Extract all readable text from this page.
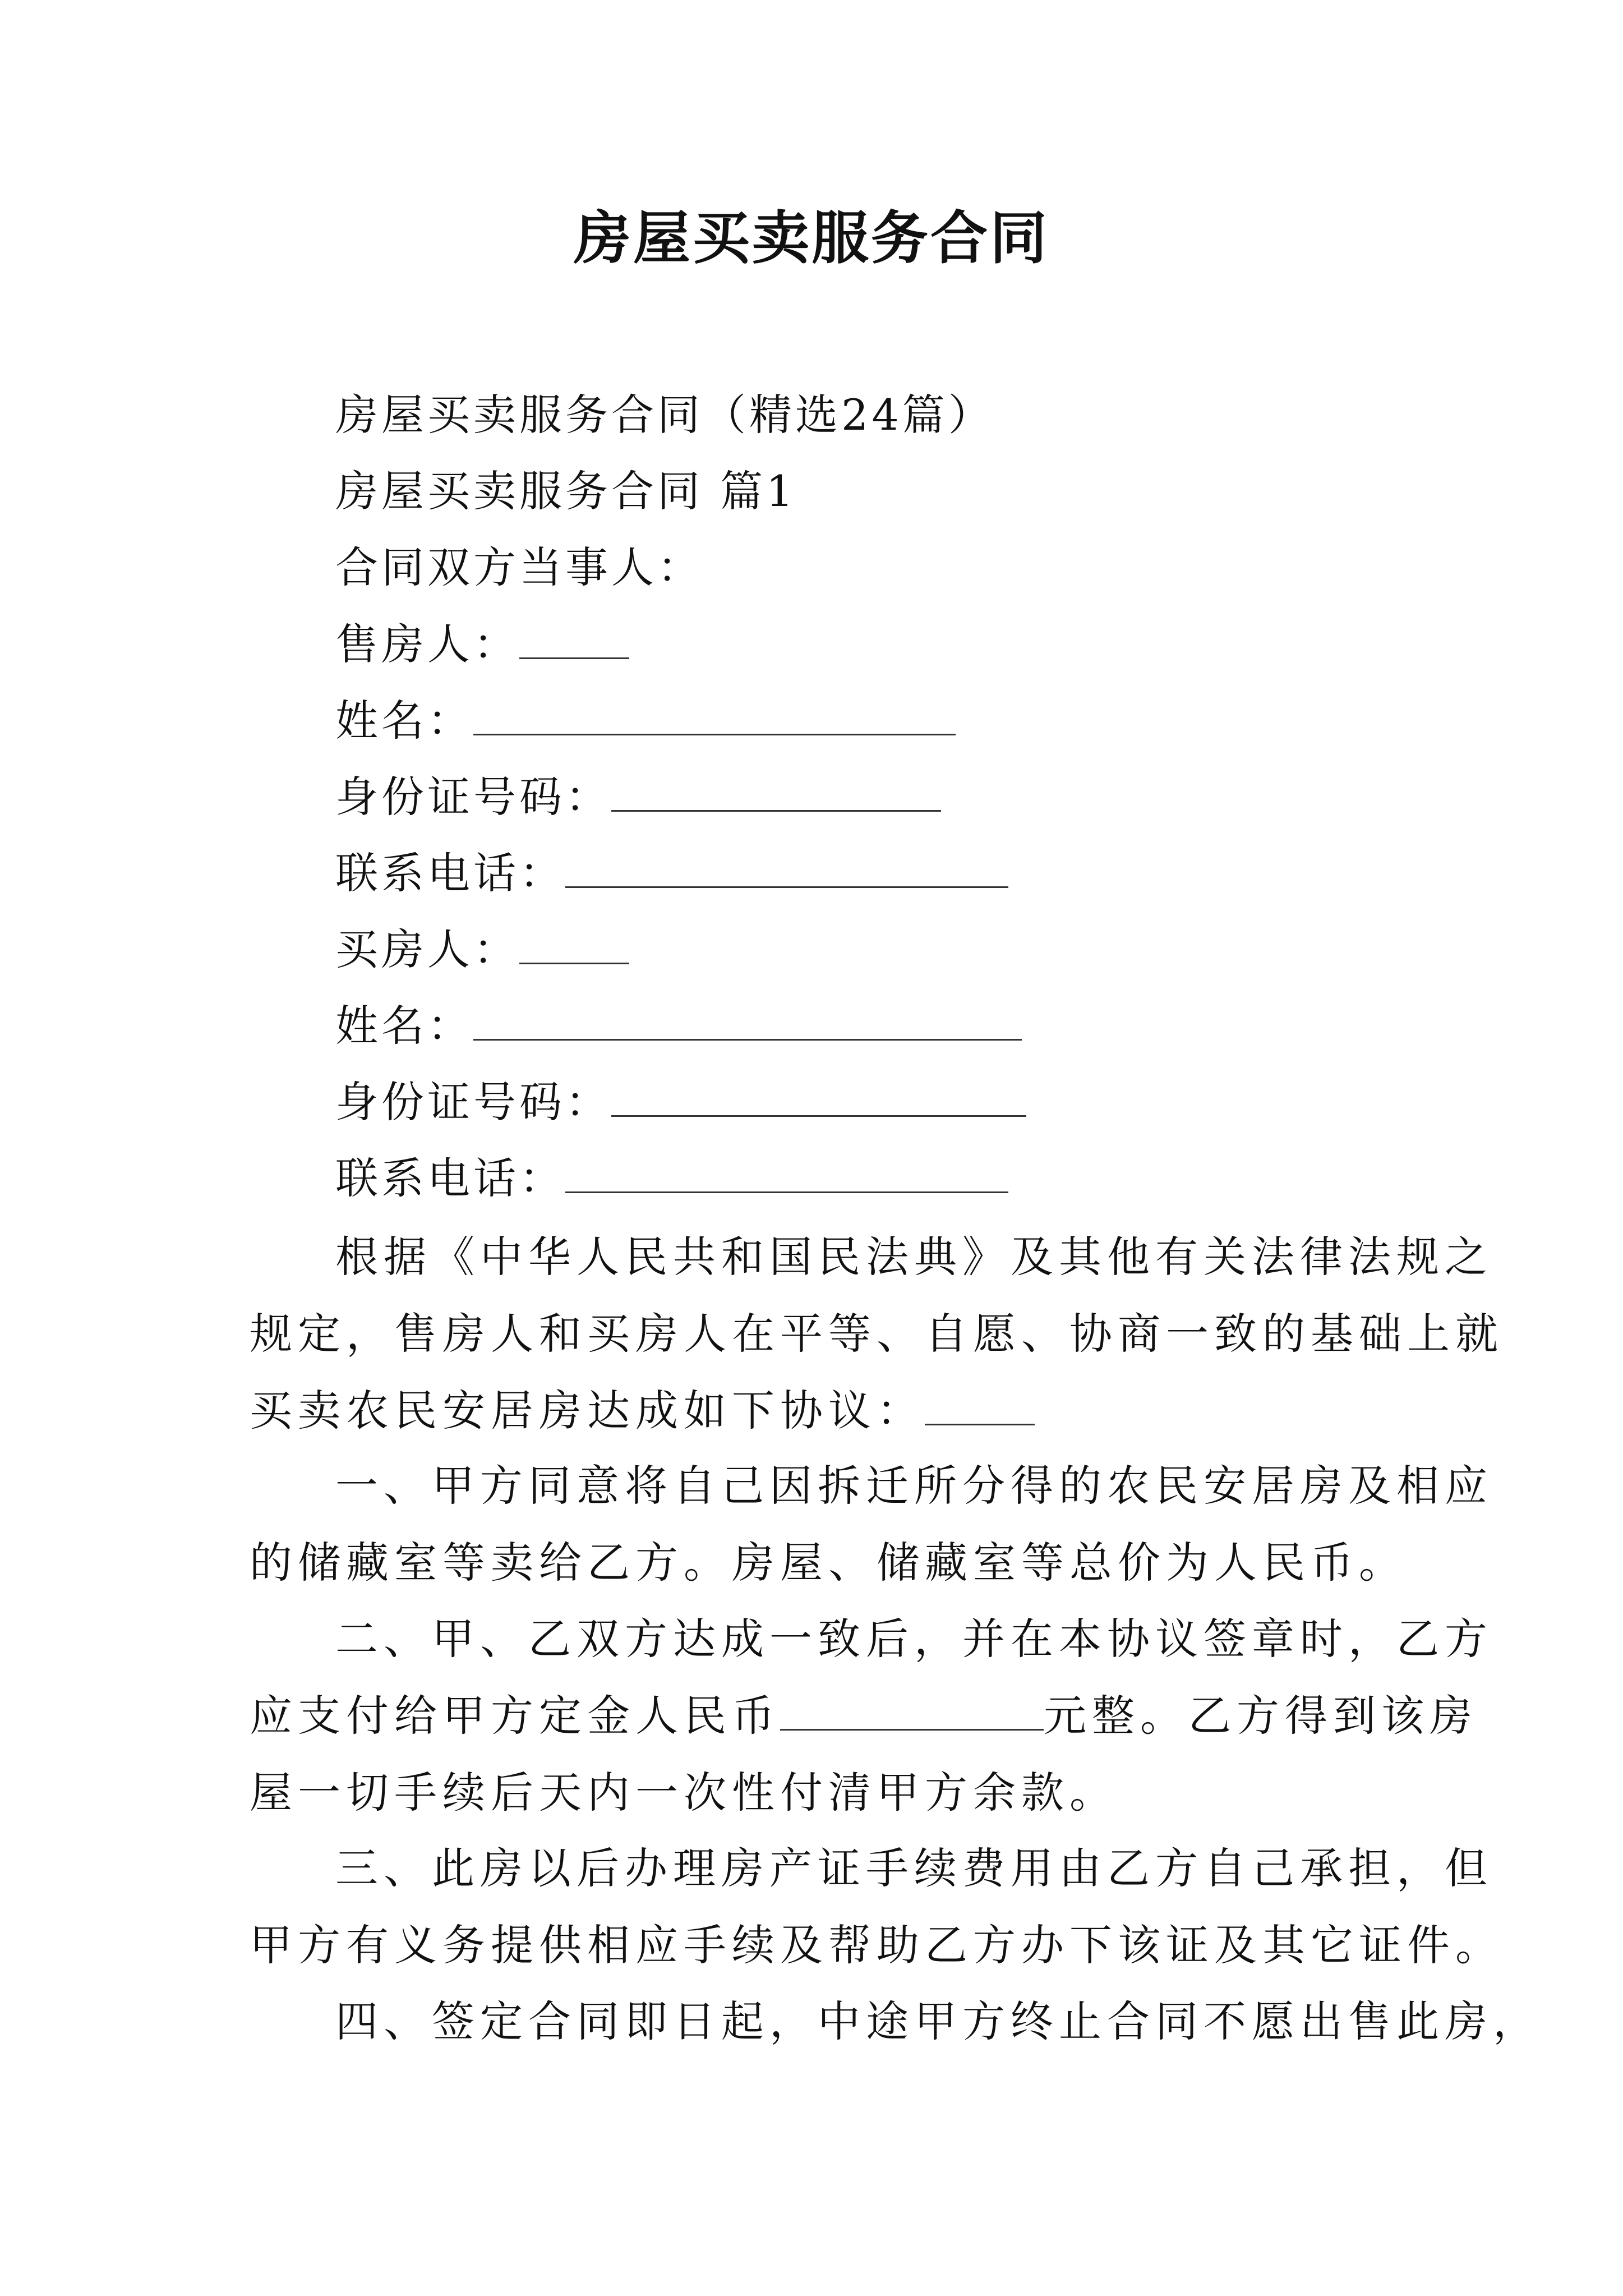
房屋买卖服务合同
房屋买卖服务合同（精选24篇）
房屋买卖服务合同 篇1
合同双方当事人：
售房人：
姓名：
身份证号码：
联系电话：
买房人：
姓名：
身份证号码：
联系电话：
根据《中华人民共和国民法典》及其他有关法律法规之
规定，售房人和买房人在平等、自愿、协商一致的基础上就
买卖农民安居房达成如下协议：
一、甲方同意将自己因拆迁所分得的农民安居房及相应
的储藏室等卖给乙方。房屋、储藏室等总价为人民币。
二、甲、乙双方达成一致后，并在本协议签章时，乙方
应支付给甲方定金人民币	元整。乙方得到该房
屋一切手续后天内一次性付清甲方余款。
三、此房以后办理房产证手续费用由乙方自己承担，但
甲方有义务提供相应手续及帮助乙方办下该证及其它证件。
四、签定合同即日起，中途甲方终止合同不愿出售此房，
